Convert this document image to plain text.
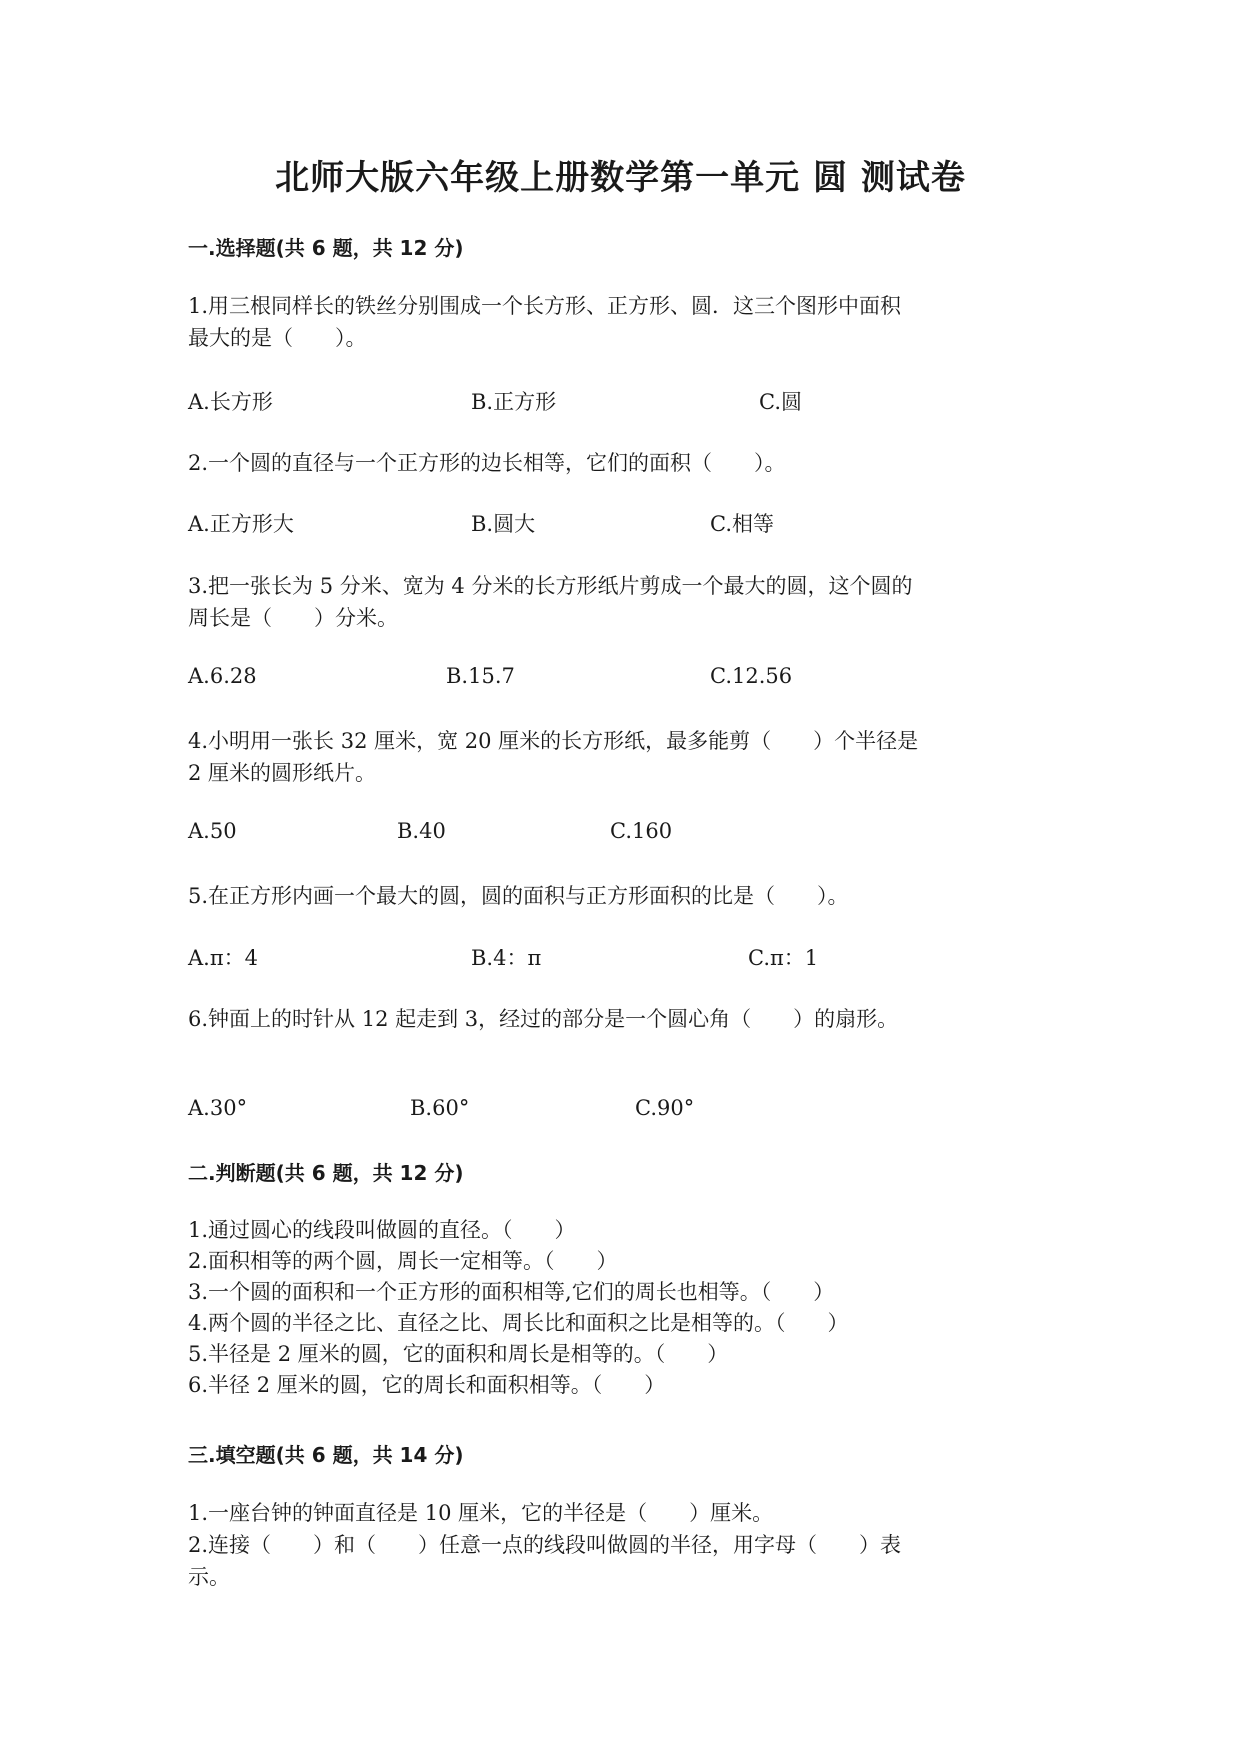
北师大版六年级上册数学第一单元 圆 测试卷
一.选择题(共 6 题，共 12 分)
1.用三根同样长的铁丝分别围成一个长方形、正方形、圆．这三个图形中面积
最大的是（　　）。
A.长方形	B.正方形	C.圆
2.一个圆的直径与一个正方形的边长相等，它们的面积（　　）。
A.正方形大	B.圆大	C.相等
3.把一张长为 5 分米、宽为 4 分米的长方形纸片剪成一个最大的圆，这个圆的
周长是（　　）分米。
A.6.28	B.15.7	C.12.56
4.小明用一张长 32 厘米，宽 20 厘米的长方形纸，最多能剪（　　）个半径是
2 厘米的圆形纸片。
A.50	B.40	C.160
5.在正方形内画一个最大的圆，圆的面积与正方形面积的比是（　　）。
A.π：4	B.4：π	C.π：1
6.钟面上的时针从 12 起走到 3，经过的部分是一个圆心角（　　）的扇形。
A.30°	B.60°	C.90°
二.判断题(共 6 题，共 12 分)
1.通过圆心的线段叫做圆的直径。（　　）
2.面积相等的两个圆，周长一定相等。（　　）
3.一个圆的面积和一个正方形的面积相等,它们的周长也相等。（　　）
4.两个圆的半径之比、直径之比、周长比和面积之比是相等的。（　　）
5.半径是 2 厘米的圆，它的面积和周长是相等的。（　　）
6.半径 2 厘米的圆，它的周长和面积相等。（　　）
三.填空题(共 6 题，共 14 分)
1.一座台钟的钟面直径是 10 厘米，它的半径是（　　）厘米。
2.连接（　　）和（　　）任意一点的线段叫做圆的半径，用字母（　　）表
示。
